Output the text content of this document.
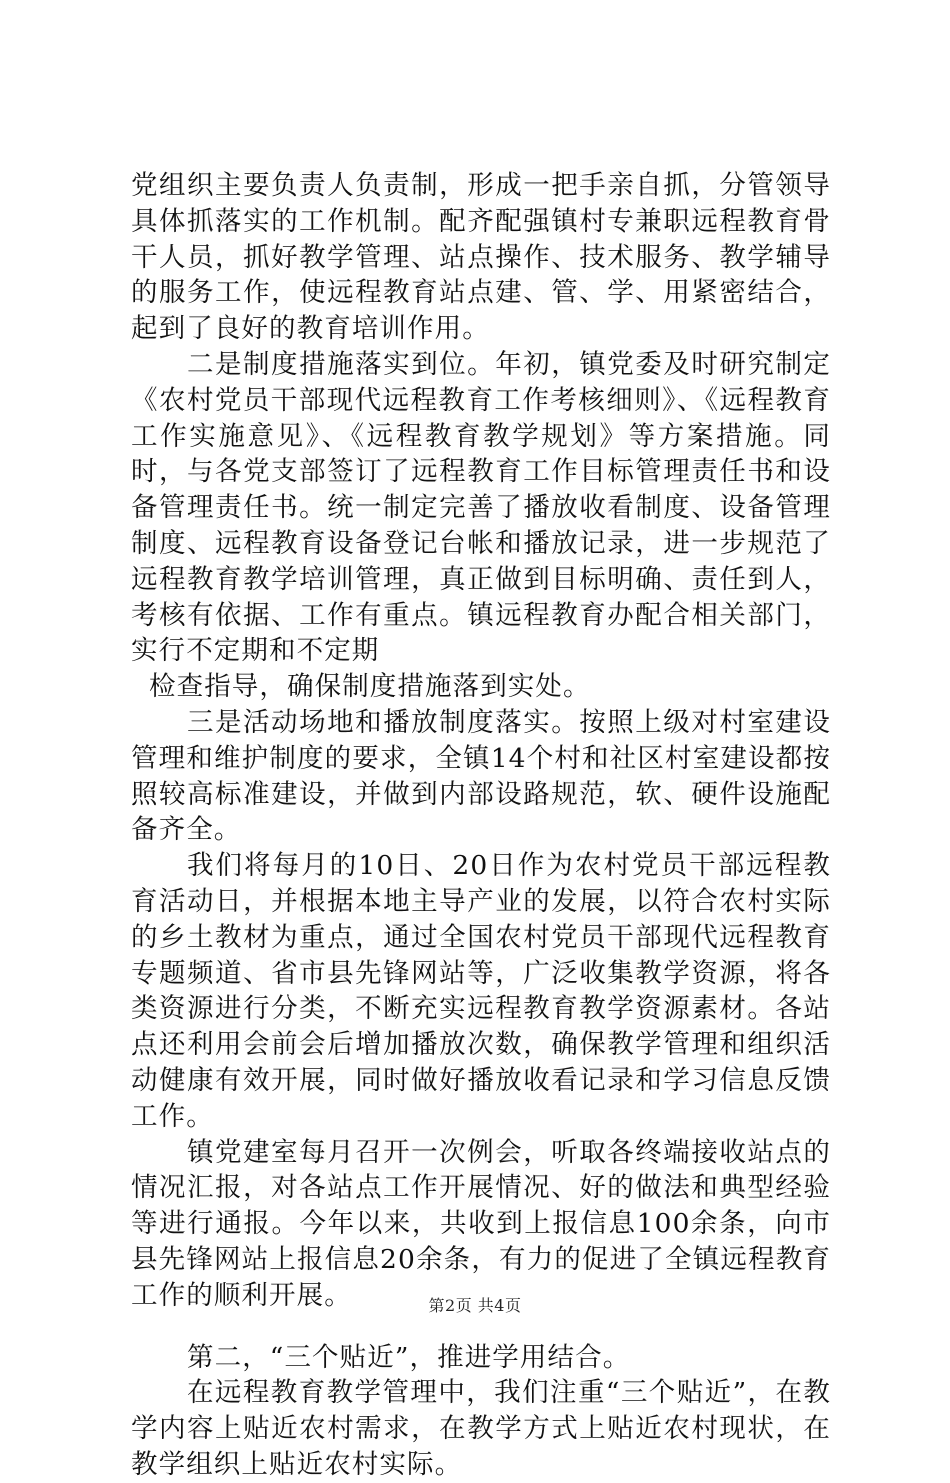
党组织主要负责人负责制，形成一把手亲自抓，分管领导具体抓落实的工作机制。配齐配强镇村专兼职远程教育骨干人员，抓好教学管理、站点操作、技术服务、教学辅导的服务工作，使远程教育站点建、管、学、用紧密结合，起到了良好的教育培训作用。

二是制度措施落实到位。年初，镇党委及时研究制定《农村党员干部现代远程教育工作考核细则》、《远程教育工作实施意见》、《远程教育教学规划》等方案措施。同时，与各党支部签订了远程教育工作目标管理责任书和设备管理责任书。统一制定完善了播放收看制度、设备管理制度、远程教育设备登记台帐和播放记录，进一步规范了远程教育教学培训管理，真正做到目标明确、责任到人，考核有依据、工作有重点。镇远程教育办配合相关部门，实行不定期和不定期

检查指导，确保制度措施落到实处。

三是活动场地和播放制度落实。按照上级对村室建设管理和维护制度的要求，全镇14个村和社区村室建设都按照较高标准建设，并做到内部设路规范，软、硬件设施配备齐全。

我们将每月的10日、20日作为农村党员干部远程教育活动日，并根据本地主导产业的发展，以符合农村实际的乡土教材为重点，通过全国农村党员干部现代远程教育专题频道、省市县先锋网站等，广泛收集教学资源，将各类资源进行分类，不断充实远程教育教学资源素材。各站点还利用会前会后增加播放次数，确保教学管理和组织活动健康有效开展，同时做好播放收看记录和学习信息反馈工作。

镇党建室每月召开一次例会，听取各终端接收站点的情况汇报，对各站点工作开展情况、好的做法和典型经验等进行通报。今年以来，共收到上报信息100余条，向市县先锋网站上报信息20余条，有力的促进了全镇远程教育工作的顺利开展。

第二，“三个贴近”，推进学用结合。

在远程教育教学管理中，我们注重“三个贴近”，在教学内容上贴近农村需求，在教学方式上贴近农村现状，在教学组织上贴近农村实际。

第2页 共4页
